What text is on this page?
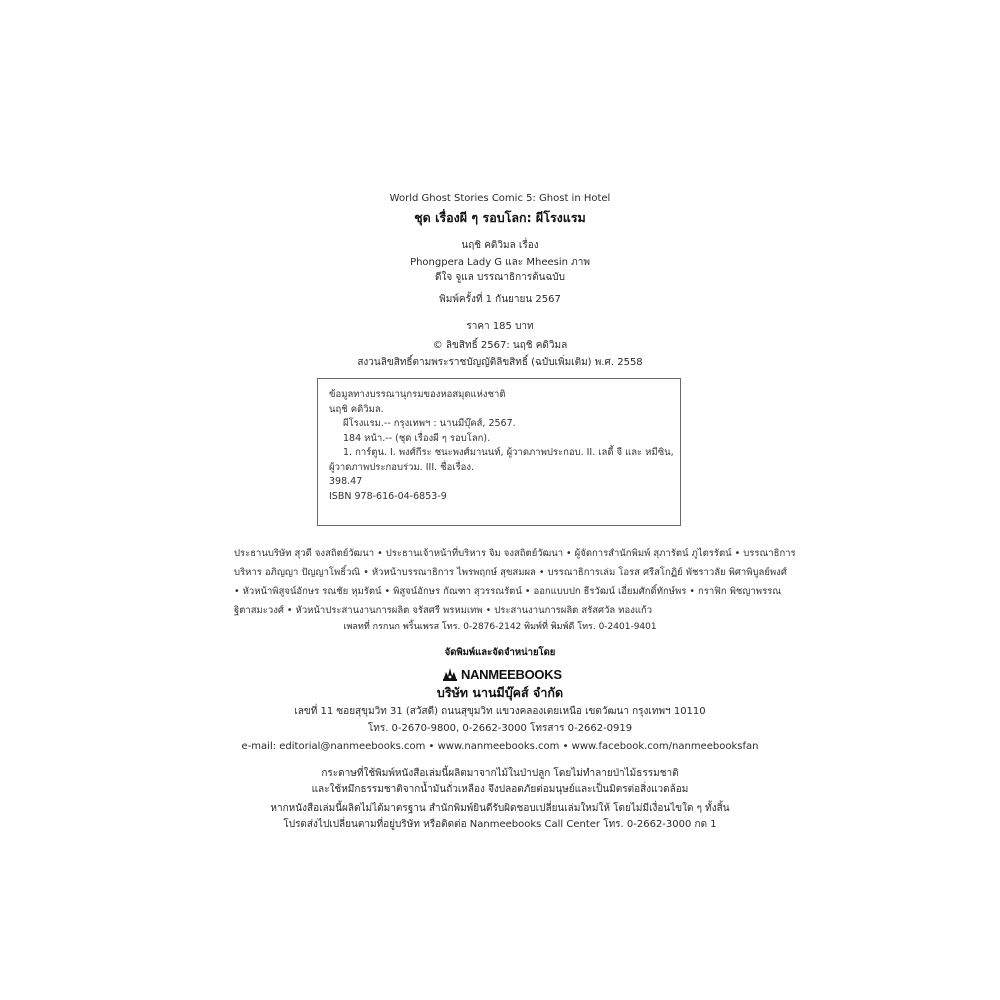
World Ghost Stories Comic 5: Ghost in Hotel
ชุด เรื่องผี ๆ รอบโลก: ผีโรงแรม
นฤชิ คดิวิมล เรื่อง
Phongpera Lady G และ Mheesin ภาพ
ดีใจ จูแล บรรณาธิการต้นฉบับ
พิมพ์ครั้งที่ 1 กันยายน 2567
ราคา 185 บาท
© ลิขสิทธิ์ 2567: นฤชิ คดิวิมล
สงวนลิขสิทธิ์ตามพระราชบัญญัติลิขสิทธิ์ (ฉบับเพิ่มเติม) พ.ศ. 2558
ข้อมูลทางบรรณานุกรมของหอสมุดแห่งชาติ
นฤชิ คดิวิมล.
ผีโรงแรม.-- กรุงเทพฯ : นานมีบุ๊คส์, 2567.
184 หน้า.-- (ชุด เรื่องผี ๆ รอบโลก).
1. การ์ตูน. I. พงศ์กีระ ชนะพงศ์มานนท์, ผู้วาดภาพประกอบ. II. เลดี้ จี และ หมีซิน,
ผู้วาดภาพประกอบร่วม. III. ชื่อเรื่อง.
398.47
ISBN 978-616-04-6853-9
ประธานบริษัท สุวดี จงสถิตย์วัฒนา • ประธานเจ้าหน้าที่บริหาร จิม จงสถิตย์วัฒนา • ผู้จัดการสำนักพิมพ์ สุภารัตน์ ภูไตรรัตน์ • บรรณาธิการ
บริหาร อภิญญา ปัญญาโพธิ์วณิ • หัวหน้าบรรณาธิการ ไพรพฤกษ์ สุขสมผล • บรรณาธิการเล่ม โอรส ศรีสโกฏิย์ พัชราวลัย พิศาพิบูลย์พงศ์
• หัวหน้าพิสูจน์อักษร รณชัย หุมรัตน์ • พิสูจน์อักษร กัณฑา สุวรรณรัตน์ • ออกแบบปก ธีรวัฒน์ เอี่ยมศักดิ์ทักษ์พร • กราฟิก พิชญาพรรณ
ฐิตาสมะวงศ์ • หัวหน้าประสานงานการผลิต จรัสศรี พรหมเทพ • ประสานงานการผลิต สรัสศวัล ทองแก้ว
เพลทที่ กรกนก พริ้นเพรส โทร. 0-2876-2142 พิมพ์ที่ พิมพ์ดี โทร. 0-2401-9401
จัดพิมพ์และจัดจำหน่ายโดย
NANMEEBOOKS
บริษัท นานมีบุ๊คส์ จำกัด
เลขที่ 11 ซอยสุขุมวิท 31 (สวัสดี) ถนนสุขุมวิท แขวงคลองเตยเหนือ เขตวัฒนา กรุงเทพฯ 10110
โทร. 0-2670-9800, 0-2662-3000 โทรสาร 0-2662-0919
e-mail: editorial@nanmeebooks.com • www.nanmeebooks.com • www.facebook.com/nanmeebooksfan
กระดาษที่ใช้พิมพ์หนังสือเล่มนี้ผลิตมาจากไม้ในป่าปลูก โดยไม่ทำลายป่าไม้ธรรมชาติ
และใช้หมึกธรรมชาติจากน้ำมันถั่วเหลือง จึงปลอดภัยต่อมนุษย์และเป็นมิตรต่อสิ่งแวดล้อม
หากหนังสือเล่มนี้ผลิตไม่ได้มาตรฐาน สำนักพิมพ์ยินดีรับผิดชอบเปลี่ยนเล่มใหม่ให้ โดยไม่มีเงื่อนไขใด ๆ ทั้งสิ้น
โปรดส่งไปเปลี่ยนตามที่อยู่บริษัท หรือติดต่อ Nanmeebooks Call Center โทร. 0-2662-3000 กด 1
